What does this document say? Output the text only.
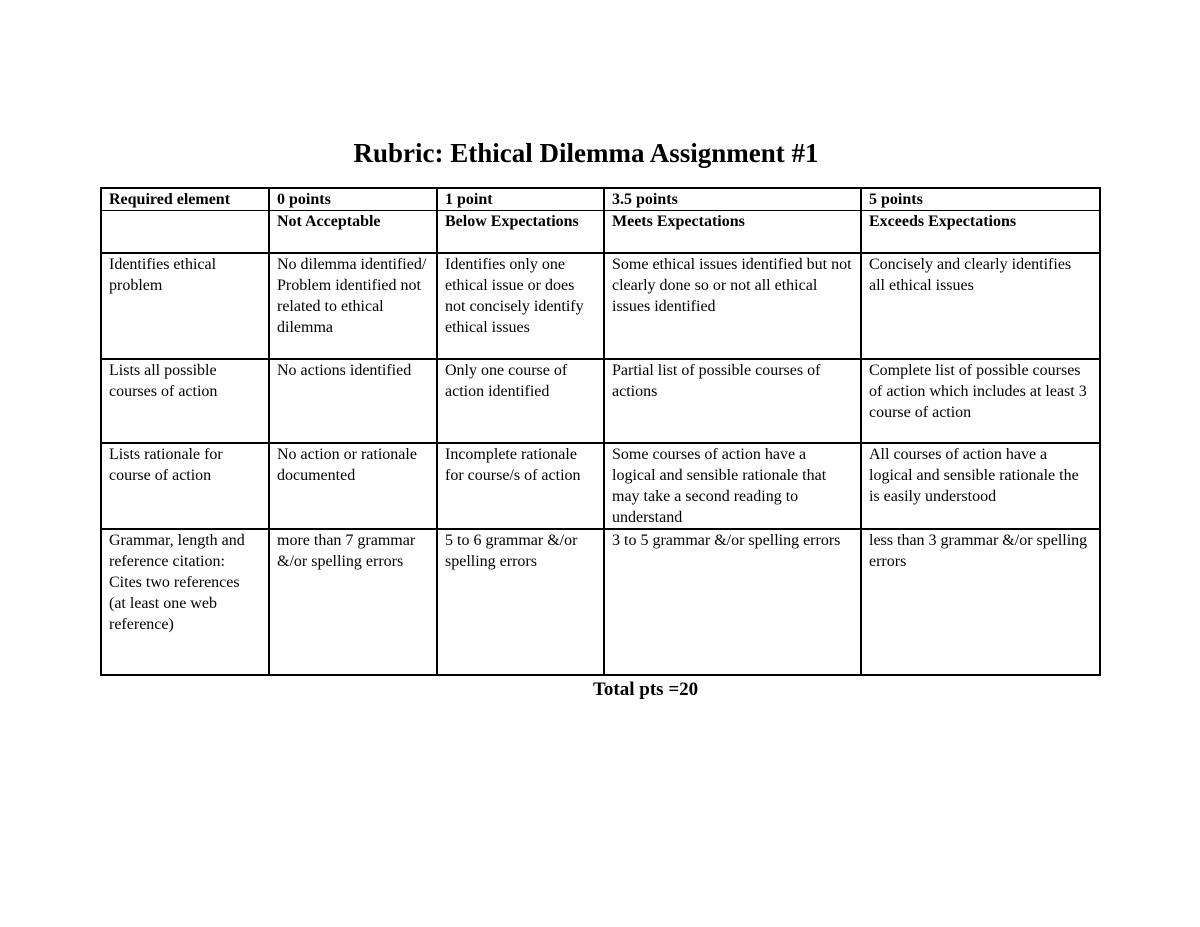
Rubric: Ethical Dilemma Assignment #1
Required element	0 points	1 point	3.5 points	5 points
	Not Acceptable	Below Expectations	Meets Expectations	Exceeds Expectations
Identifies ethical problem	No dilemma identified/ Problem identified not related to ethical dilemma	Identifies only one ethical issue or does not concisely identify ethical issues	Some ethical issues identified but not clearly done so or not all ethical issues identified	Concisely and clearly identifies all ethical issues
Lists all possible courses of action	No actions identified	Only one course of action identified	Partial list of possible courses of actions	Complete list of possible courses of action which includes at least 3 course of action
Lists rationale for course of action	No action or rationale documented	Incomplete rationale for course/s of action	Some courses of action have a logical and sensible rationale that may take a second reading to understand	All courses of action have a logical and sensible rationale the is easily understood
Grammar, length and reference citation: Cites two references (at least one web reference)	more than 7 grammar &/or spelling errors	5 to 6 grammar &/or spelling errors	3 to 5 grammar &/or spelling errors	less than 3 grammar &/or spelling errors
Total pts =20
